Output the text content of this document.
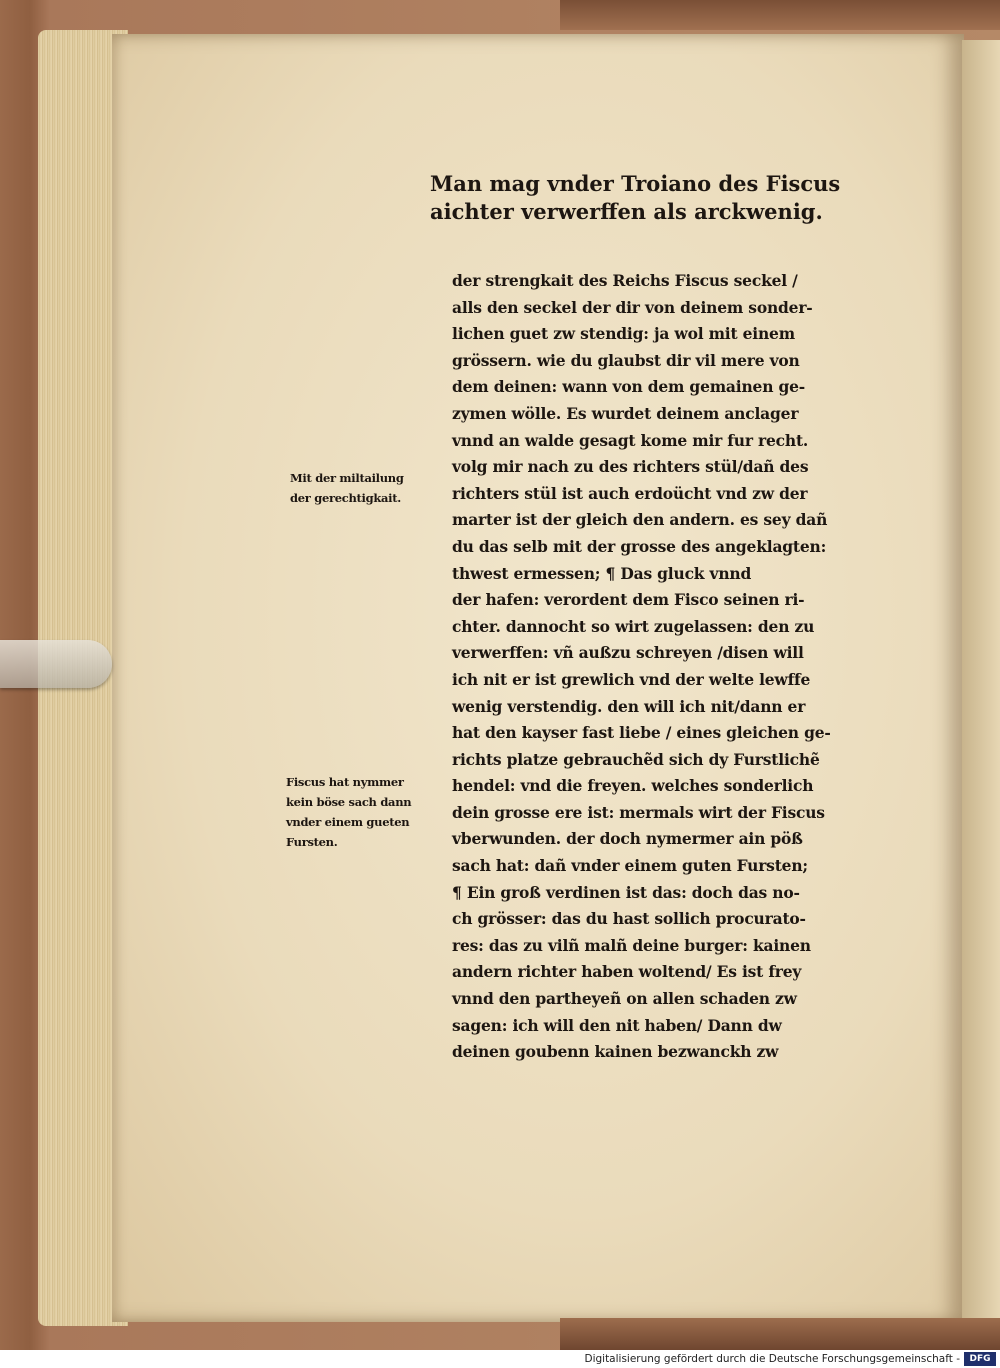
Man mag vnder Troiano des Fiscus
aichter verwerffen als arckwenig.
Mit der miltailung
der gerechtigkait.
Fiscus hat nymmer
kein böse sach dann
vnder einem gueten
Fursten.
der strengkait des Reichs Fiscus seckel /
alls den seckel der dir von deinem sonder-
lichen guet zw stendig: ja wol mit einem
grössern. wie du glaubst dir vil mere von
dem deinen: wann von dem gemainen ge-
zymen wölle. Es wurdet deinem anclager
vnnd an walde gesagt kome mir fur recht.
volg mir nach zu des richters stül/dañ des
richters stül ist auch erdoücht vnd zw der
marter ist der gleich den andern. es sey dañ
du das selb mit der grosse des angeklagten:
thwest ermessen; ¶ Das gluck vnnd
der hafen: verordent dem Fisco seinen ri-
chter. dannocht so wirt zugelassen: den zu
verwerffen: vñ außzu schreyen /disen will
ich nit er ist grewlich vnd der welte lewffe
wenig verstendig. den will ich nit/dann er
hat den kayser fast liebe / eines gleichen ge-
richts platze gebrauchẽd sich dy Furstlichẽ
hendel: vnd die freyen. welches sonderlich
dein grosse ere ist: mermals wirt der Fiscus
vberwunden. der doch nymermer ain pöß
sach hat: dañ vnder einem guten Fursten;
¶ Ein groß verdinen ist das: doch das no-
ch grösser: das du hast sollich procurato-
res: das zu vilñ malñ deine burger: kainen
andern richter haben woltend/ Es ist frey
vnnd den partheyeñ on allen schaden zw
sagen: ich will den nit haben/ Dann dw
deinen goubenn kainen bezwanckh zw
Digitalisierung gefördert durch die Deutsche Forschungsgemeinschaft -	DFG
